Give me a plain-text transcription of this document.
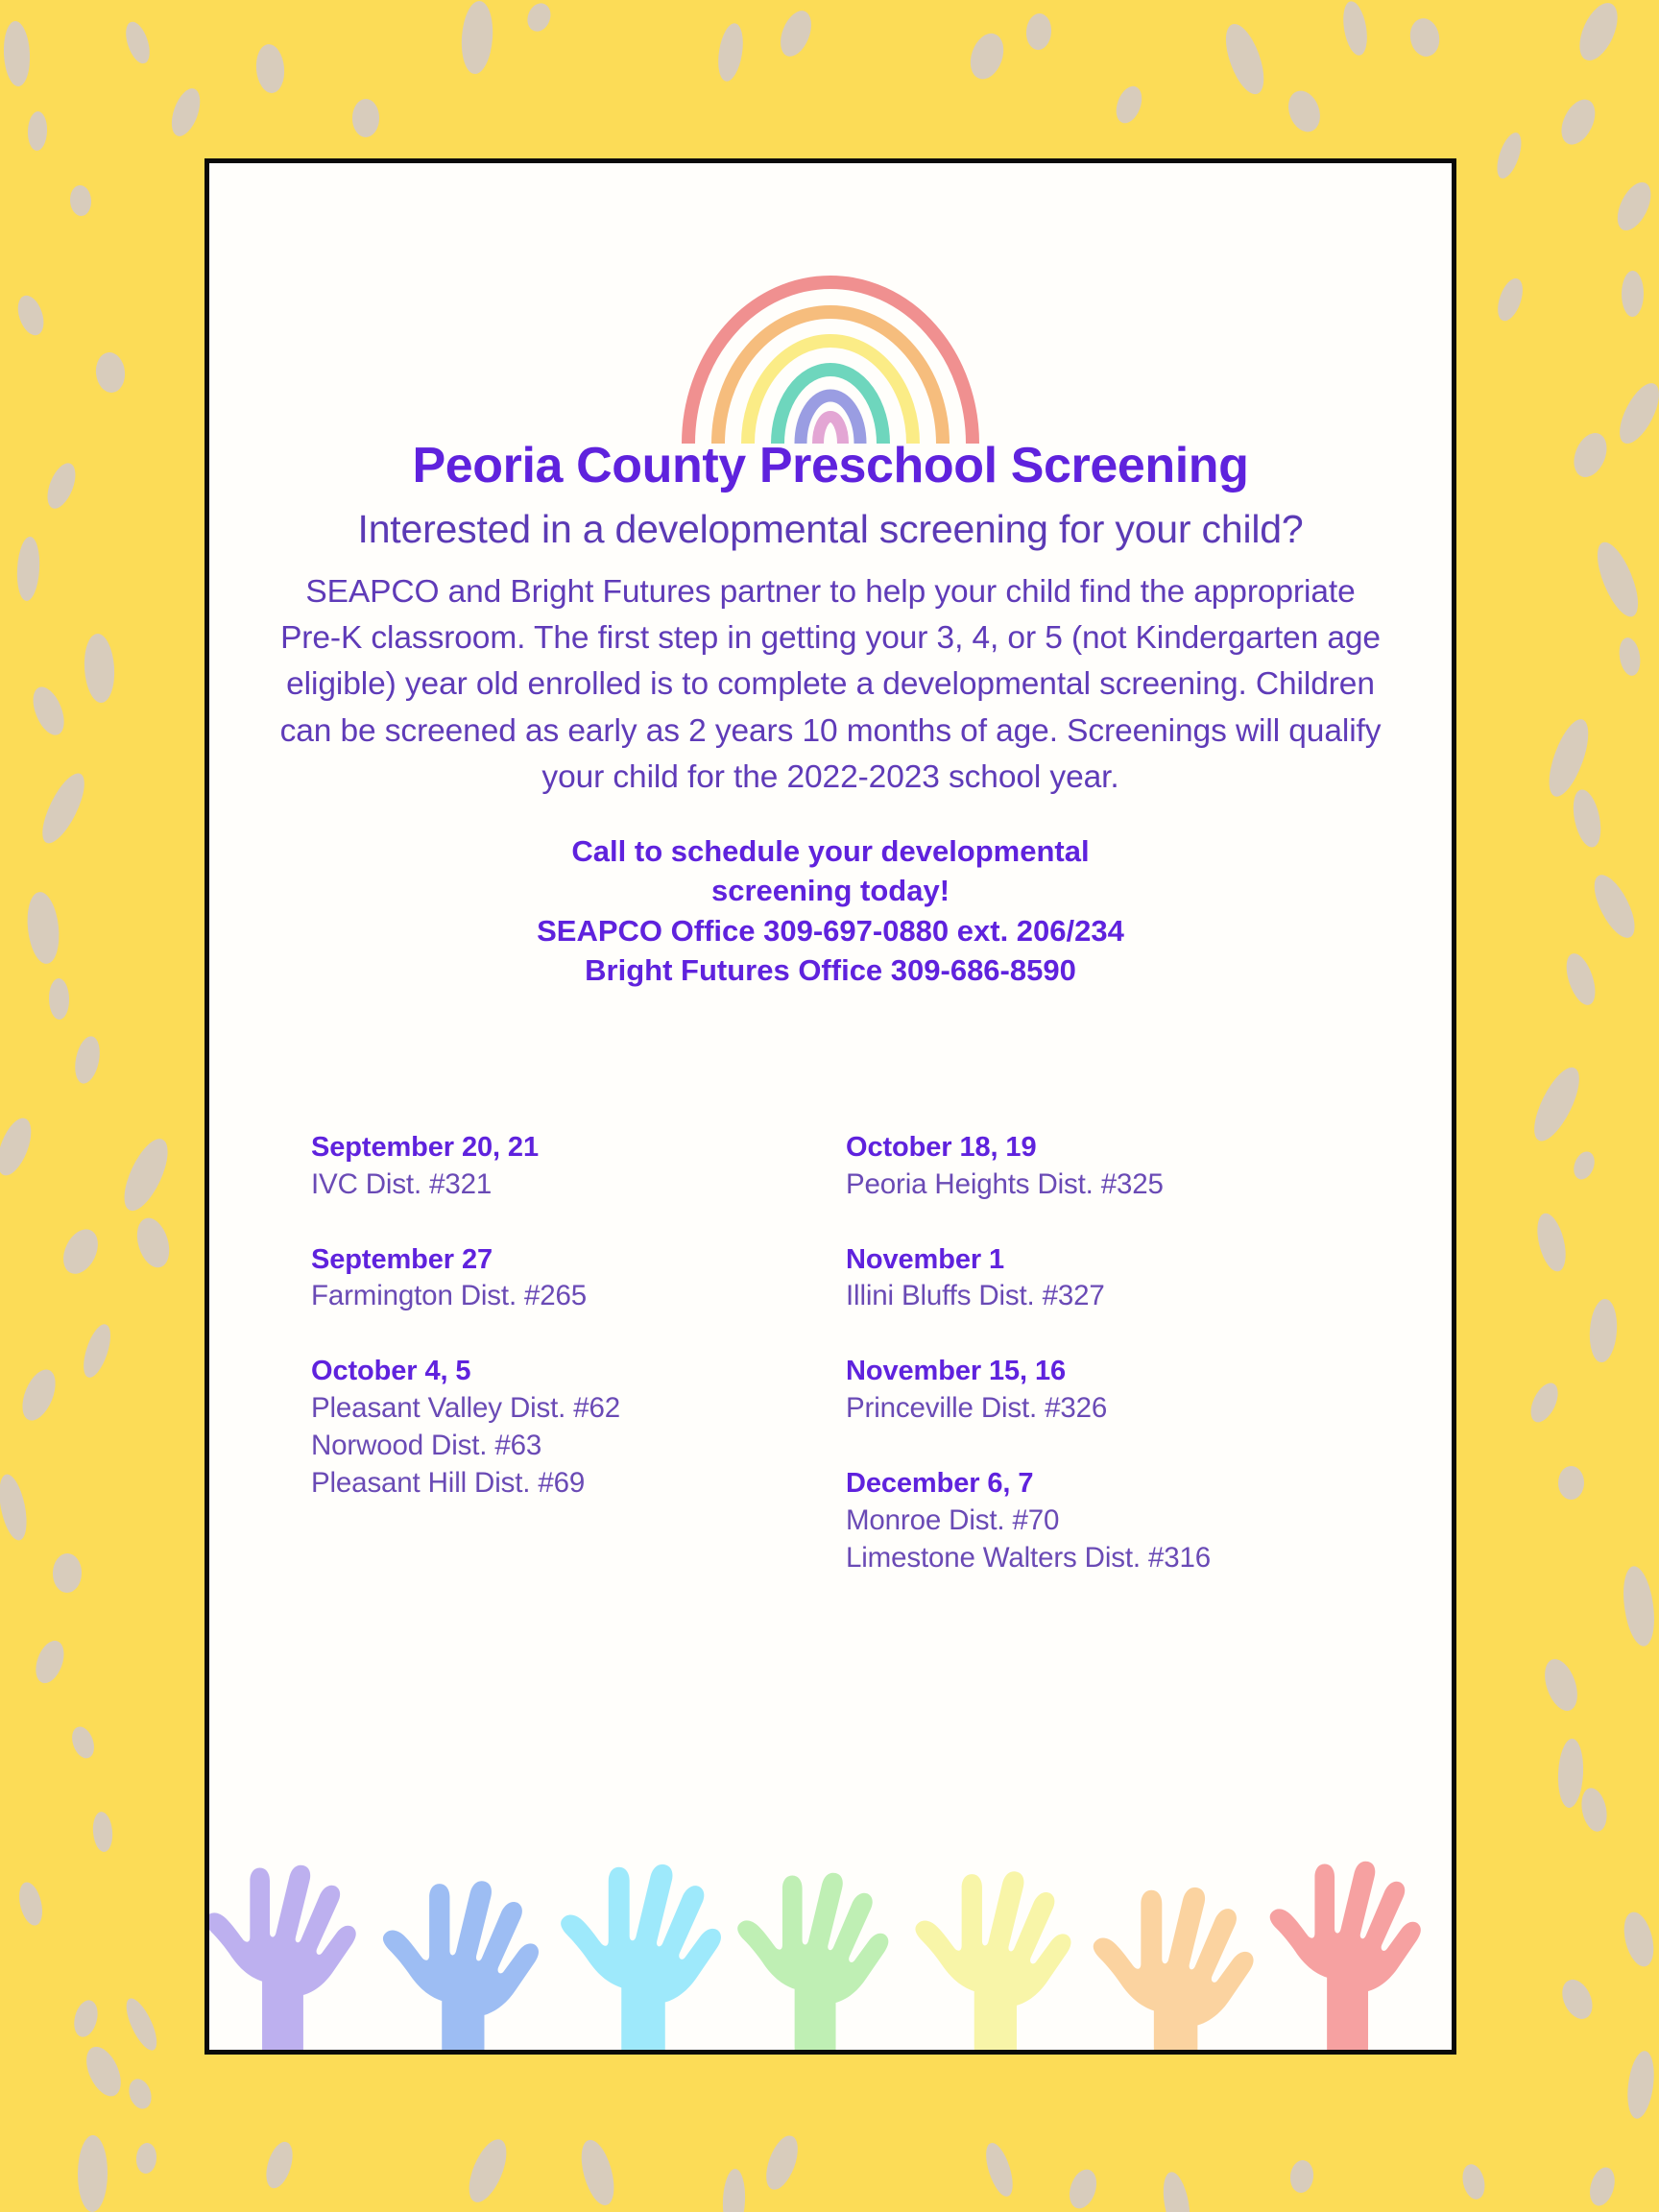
Peoria County Preschool Screening
Interested in a developmental screening for your child?
SEAPCO and Bright Futures partner to help your child find the appropriate Pre-K classroom. The first step in getting your 3, 4, or 5 (not Kindergarten age eligible) year old enrolled is to complete a developmental screening. Children can be screened as early as 2 years 10 months of age. Screenings will qualify your child for the 2022-2023 school year.
Call to schedule your developmental
screening today!
SEAPCO Office 309-697-0880 ext. 206/234
Bright Futures Office 309-686-8590
September 20, 21
IVC Dist. #321
September 27
Farmington Dist. #265
October 4, 5
Pleasant Valley Dist. #62
Norwood Dist. #63
Pleasant Hill Dist. #69
October 18, 19
Peoria Heights Dist. #325
November 1
Illini Bluffs Dist. #327
November 15, 16
Princeville Dist. #326
December 6, 7
Monroe Dist. #70
Limestone Walters Dist. #316
